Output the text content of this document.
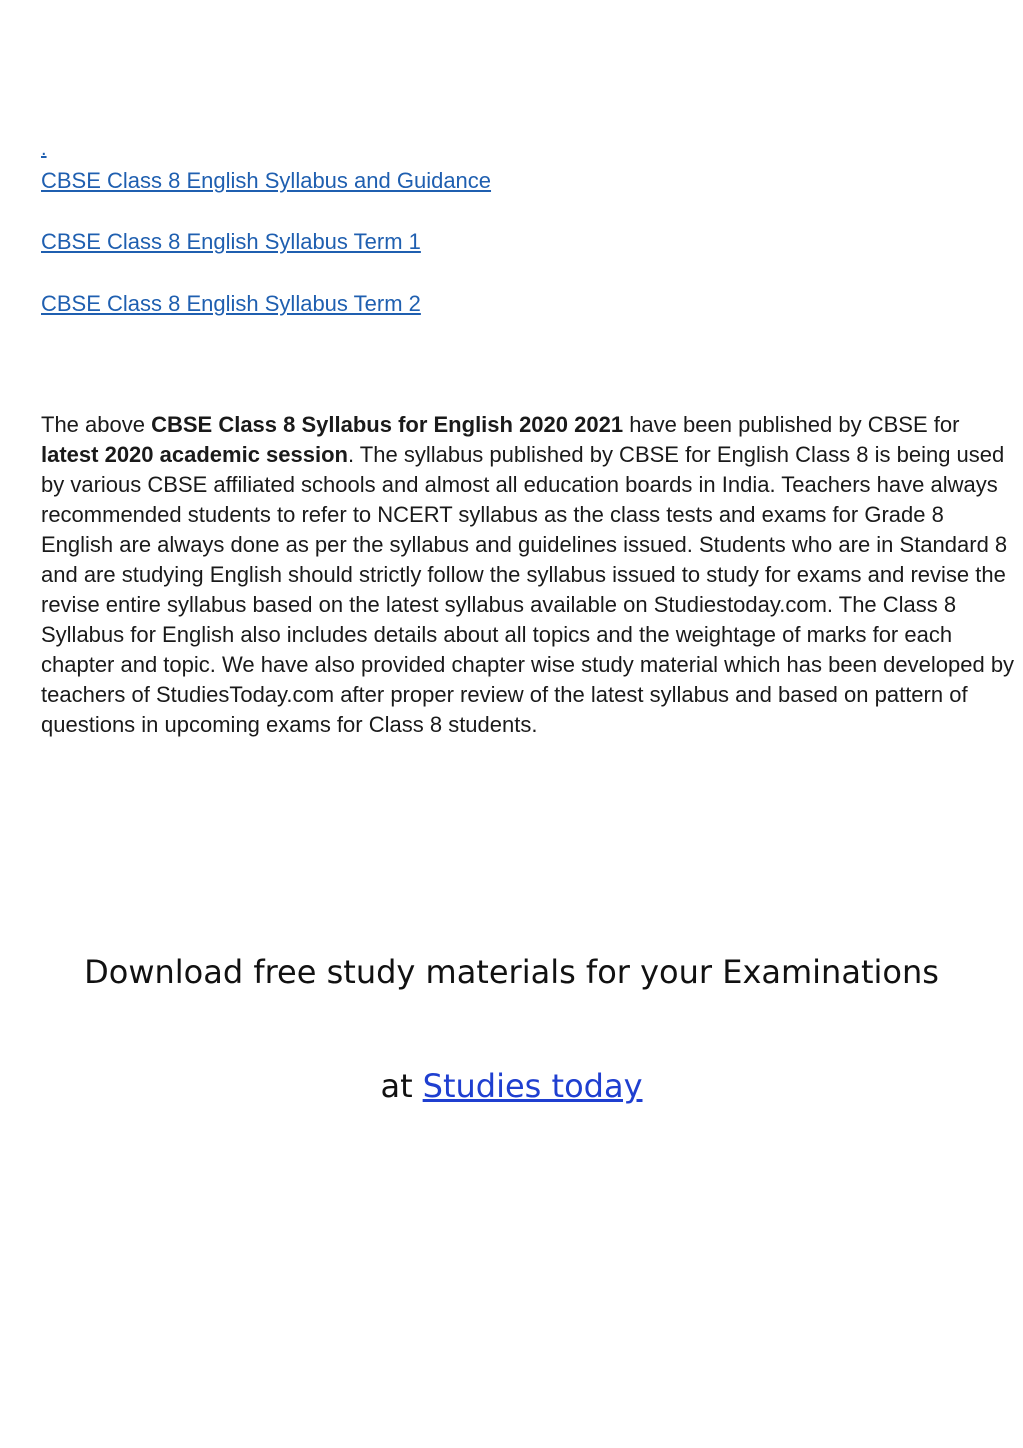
.
CBSE Class 8 English Syllabus and Guidance
CBSE Class 8 English Syllabus Term 1
CBSE Class 8 English Syllabus Term 2
The above CBSE Class 8 Syllabus for English 2020 2021 have been published by CBSE for latest 2020 academic session. The syllabus published by CBSE for English Class 8 is being used by various CBSE affiliated schools and almost all education boards in India. Teachers have always recommended students to refer to NCERT syllabus as the class tests and exams for Grade 8 English are always done as per the syllabus and guidelines issued. Students who are in Standard 8 and are studying English should strictly follow the syllabus issued to study for exams and revise the revise entire syllabus based on the latest syllabus available on Studiestoday.com. The Class 8 Syllabus for English also includes details about all topics and the weightage of marks for each chapter and topic. We have also provided chapter wise study material which has been developed by teachers of StudiesToday.com after proper review of the latest syllabus and based on pattern of questions in upcoming exams for Class 8 students.
Download free study materials for your Examinations
at Studies today
